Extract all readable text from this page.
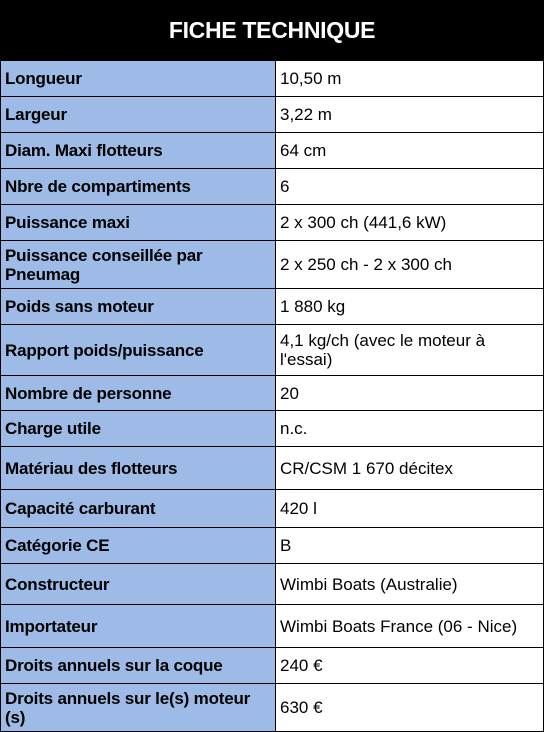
FICHE TECHNIQUE
Longueur	10,50 m
Largeur	3,22 m
Diam. Maxi flotteurs	64 cm
Nbre de compartiments	6
Puissance maxi	2 x 300 ch (441,6 kW)
Puissance conseillée par Pneumag	2 x 250 ch - 2 x 300 ch
Poids sans moteur	1 880 kg
Rapport poids/puissance	4,1 kg/ch (avec le moteur à l'essai)
Nombre de personne	20
Charge utile	n.c.
Matériau des flotteurs	CR/CSM 1 670 décitex
Capacité carburant	420 l
Catégorie CE	B
Constructeur	Wimbi Boats (Australie)
Importateur	Wimbi Boats France (06 - Nice)
Droits annuels sur la coque	240 €
Droits annuels sur le(s) moteur (s)	630 €
